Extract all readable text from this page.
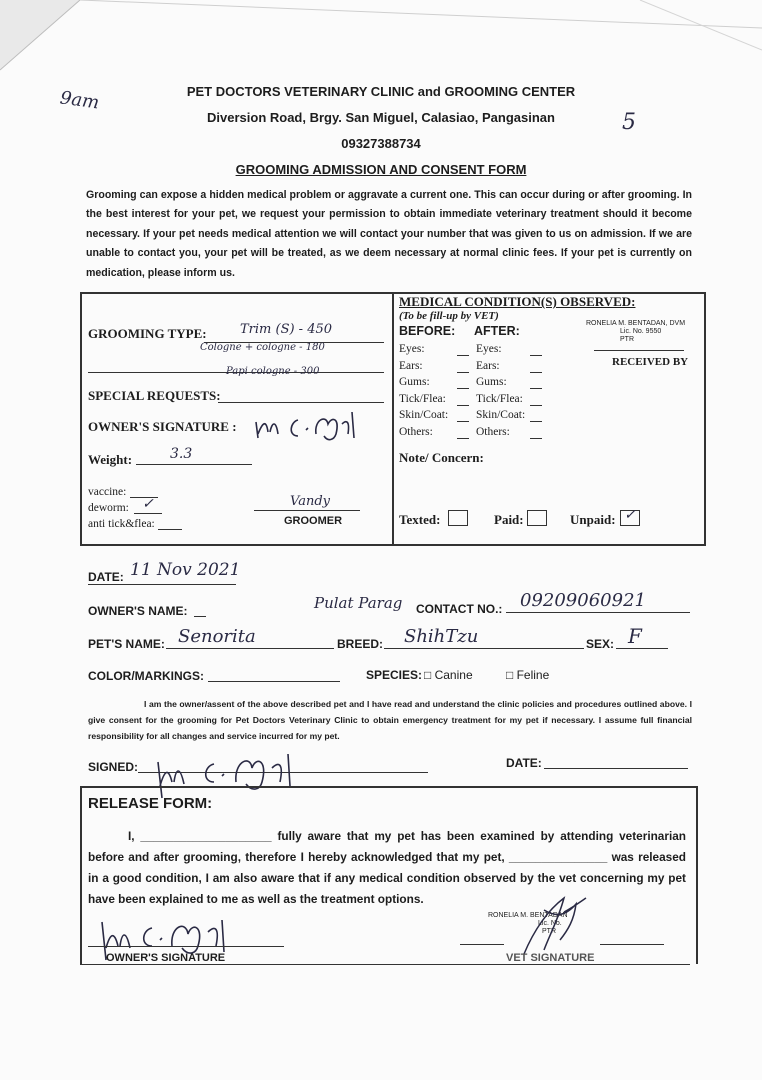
9am
5
PET DOCTORS VETERINARY CLINIC and GROOMING CENTER
Diversion Road, Brgy. San Miguel, Calasiao, Pangasinan
09327388734
GROOMING ADMISSION AND CONSENT FORM
Grooming can expose a hidden medical problem or aggravate a current one. This can occur during or after grooming. In the best interest for your pet, we request your permission to obtain immediate veterinary treatment should it become necessary. If your pet needs medical attention we will contact your number that was given to us on admission. If we are unable to contact you, your pet will be treated, as we deem necessary at normal clinic fees. If your pet is currently on medication, please inform us.
GROOMING TYPE:	Trim (S) - 450
Cologne + cologne - 180
Papi cologne - 300
SPECIAL REQUESTS:
OWNER'S SIGNATURE :
Weight:	3.3
vaccine:
deworm: ✓
anti tick&flea:
Vandy
GROOMER
MEDICAL CONDITION(S) OBSERVED:
(To be fill-up by VET)
BEFORE: AFTER:
Eyes:	Eyes:
Ears:	Ears:
Gums:	Gums:
Tick/Flea:	Tick/Flea:
Skin/Coat: Skin/Coat:
Others:	Others:
RONELIA M. BENTADAN, DVM
Lic. No. 9550
PTR
RECEIVED BY
Note/ Concern:
Texted:	Paid:	Unpaid: ✓
DATE: 11 Nov 2021
OWNER'S NAME:	Pulat Parag CONTACT NO.: 09209060921
PET'S NAME: Senorita	BREED: ShihTzu	SEX: F
COLOR/MARKINGS:	SPECIES: □ Canine	□ Feline
I am the owner/assent of the above described pet and I have read and understand the clinic policies and procedures outlined above. I give consent for the grooming for Pet Doctors Veterinary Clinic to obtain emergency treatment for my pet if necessary. I assume full financial responsibility for all changes and service incurred for my pet.
SIGNED:	DATE:
RELEASE FORM:
I, ____________________ fully aware that my pet has been examined by attending veterinarian before and after grooming, therefore I hereby acknowledged that my pet, _______________ was released in a good condition, I am also aware that if any medical condition observed by the vet concerning my pet have been explained to me as well as the treatment options.
OWNER'S SIGNATURE
RONELIA M. BENTADAN
Lic. No.
PTR
VET SIGNATURE
